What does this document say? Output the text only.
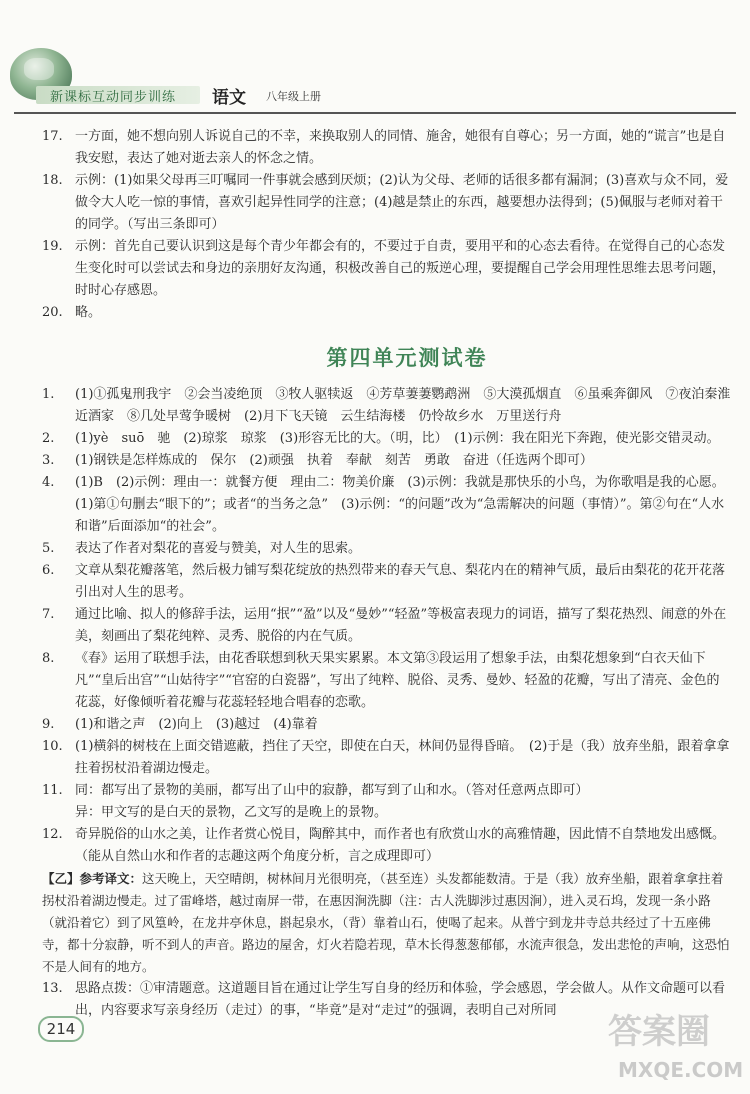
新课标互动同步训练 语文 八年级上册

17. 一方面，她不想向别人诉说自己的不幸，来换取别人的同情、施舍，她很有自尊心；另一方面，她的“谎言”也是自我安慰，表达了她对逝去亲人的怀念之情。

18. 示例：(1)如果父母再三叮嘱同一件事就会感到厌烦；(2)认为父母、老师的话很多都有漏洞；(3)喜欢与众不同，爱做令大人吃一惊的事情，喜欢引起异性同学的注意；(4)越是禁止的东西，越要想办法得到；(5)佩服与老师对着干的同学。（写出三条即可）

19. 示例：首先自己要认识到这是每个青少年都会有的，不要过于自责，要用平和的心态去看待。在觉得自己的心态发生变化时可以尝试去和身边的亲朋好友沟通，积极改善自己的叛逆心理，要提醒自己学会用理性思维去思考问题，时时心存感恩。

20. 略。

第四单元测试卷

1.	(1)①孤鬼刑我宇　②会当凌绝顶　③牧人驱犊返　④芳草萋萋鹦鹉洲　⑤大漠孤烟直　⑥虽乘奔御风　⑦夜泊秦淮近酒家　⑧几处早莺争暖树　(2)月下飞天镜　云生结海楼　仍怜故乡水　万里送行舟

2.	(1)yè　suō　驰　(2)琼浆　琼浆　(3)形容无比的大。（明，比）　(1)示例：我在阳光下奔跑，使光影交错灵动。

3.	(1)钢铁是怎样炼成的　保尔　(2)顽强　执着　奉献　刻苦　勇敢　奋进（任选两个即可）

4.	(1)B　(2)示例：理由一：就餐方便　理由二：物美价廉　(3)示例：我就是那快乐的小鸟，为你歌唱是我的心愿。(1)第①句删去“眼下的”；或者“的当务之急”　(3)示例：“的问题”改为“急需解决的问题（事情）”。第②句在“人水和谐”后面添加“的社会”。

5.	表达了作者对梨花的喜爱与赞美，对人生的思索。

6.	文章从梨花瓣落笔，然后极力铺写梨花绽放的热烈带来的春天气息、梨花内在的精神气质，最后由梨花的花开花落引出对人生的思考。

7.	通过比喻、拟人的修辞手法，运用“抿”“盈”以及“曼妙”“轻盈”等极富表现力的词语，描写了梨花热烈、闹意的外在美，刻画出了梨花纯粹、灵秀、脱俗的内在气质。

8.	《春》运用了联想手法，由花香联想到秋天果实累累。本文第③段运用了想象手法，由梨花想象到“白衣天仙下凡”“皇后出宫”“山姑待字”“官窑的白瓷器”，写出了纯粹、脱俗、灵秀、曼妙、轻盈的花瓣，写出了清亮、金色的花蕊，好像倾听着花瓣与花蕊轻轻地合唱春的恋歌。

9.	(1)和谐之声　(2)向上　(3)越过　(4)靠着

10. (1)横斜的树枝在上面交错遮蔽，挡住了天空，即使在白天，林间仍显得昏暗。　(2)于是（我）放弃坐船，跟着拿拿拄着拐杖沿着湖边慢走。

11. 同：都写出了景物的美丽，都写出了山中的寂静，都写到了山和水。（答对任意两点即可）

异：甲文写的是白天的景物，乙文写的是晚上的景物。

12. 奇异脱俗的山水之美，让作者赏心悦目，陶醉其中，而作者也有欣赏山水的高雅情趣，因此情不自禁地发出感慨。（能从自然山水和作者的志趣这两个角度分析，言之成理即可）

【乙】参考译文：这天晚上，天空晴朗，树林间月光很明亮，（甚至连）头发都能数清。于是（我）放弃坐船，跟着拿拿拄着拐杖沿着湖边慢走。过了雷峰塔，越过南屏一带，在惠因涧洗脚（注：古人洗脚涉过惠因涧），进入灵石坞，发现一条小路（就沿着它）到了风篁岭，在龙井亭休息，斟起泉水，（背）靠着山石，使喝了起来。从普宁到龙井寺总共经过了十五座佛寺，都十分寂静，听不到人的声音。路边的屋舍，灯火若隐若现，草木长得葱葱郁郁，水流声很急，发出悲怆的声响，这恐怕不是人间有的地方。

13. 思路点拨：①审清题意。这道题目旨在通过让学生写自身的经历和体验，学会感恩，学会做人。从作文命题可以看出，内容要求写亲身经历（走过）的事，“毕竟”是对“走过”的强调，表明自己对所同

214	答案圈
MXQE.COM
